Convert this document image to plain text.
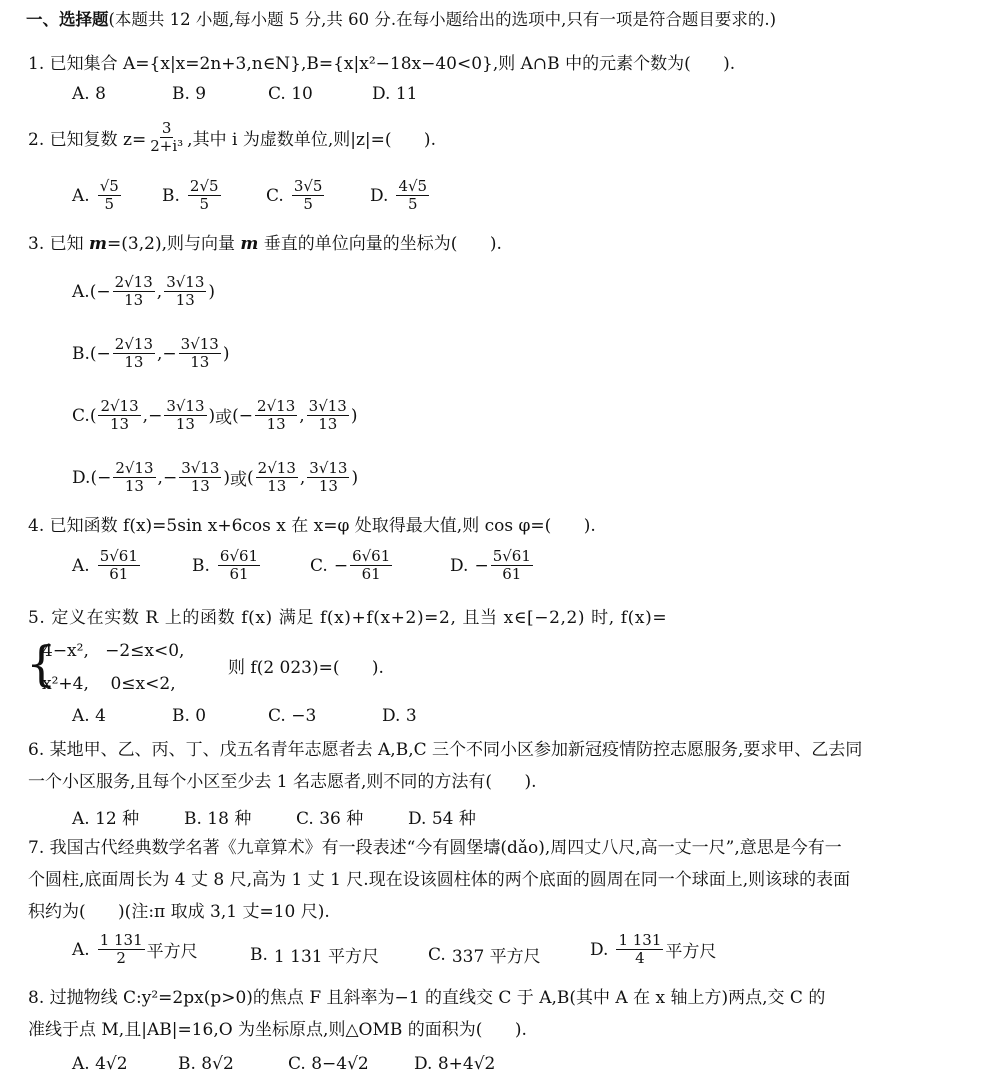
一、选择题(本题共 12 小题,每小题 5 分,共 60 分.在每小题给出的选项中,只有一项是符合题目要求的.)
1. 已知集合 A={x|x=2n+3,n∈N},B={x|x²−18x−40<0},则 A∩B 中的元素个数为(      ).
A. 8	B. 9	C. 10	D. 11
2. 已知复数 $z= \frac{3}{\text{2+i³}}$ ,其中 i 为虚数单位,则|z|=(      ).
A. $\frac{√5}{5} B$. $\frac{2√5}{5}$	C. $\frac{3√5}{5}$	D. $\frac{4√5}{5}$
3. 已知 m=(3,2),则与向量 m 垂直的单位向量的坐标为(      ).
A. ( − $\frac{2√13}{13}$ , $\frac{3√13}{13}$ )
B. ( − $\frac{2√13}{13}$ , − $\frac{3√13}{13}$ )
C. ( $\frac{2√13}{13}$ , − $\frac{3√13}{13}$ ) 或 ( − $\frac{2√13}{13}$ , $\frac{3√13}{13}$ )
D. ( − $\frac{2√13}{13}$ , − $\frac{3√13}{13}$ ) 或 ( $\frac{2√13}{13}$ , $\frac{3√13}{13}$ )
4. 已知函数 f(x)=5sin x+6cos x 在 x=φ 处取得最大值,则 cos φ=(      ).
A. $\frac{5√61}{61}$	B. $\frac{6√61}{61}$	C. − $\frac{6√61}{61}$	D. − $\frac{5√61}{61}$
5. 定义在实数 R 上的函数 f(x) 满足 f(x)+f(x+2)=2, 且当 x∈[−2,2) 时, f(x)=
{
4−x²,   −2≤x<0,
x²+4,    0≤x<2,
则 f(2 023)=(      ).
A. 4	B. 0	C. −3	D. 3
6. 某地甲、乙、丙、丁、戊五名青年志愿者去 A,B,C 三个不同小区参加新冠疫情防控志愿服务,要求甲、乙去同
一个小区服务,且每个小区至少去 1 名志愿者,则不同的方法有(      ).
A. 12 种	B. 18 种	C. 36 种	D. 54 种
7. 我国古代经典数学名著《九章算术》有一段表述“今有圆堡壔(dǎo),周四丈八尺,高一丈一尺”,意思是今有一
个圆柱,底面周长为 4 丈 8 尺,高为 1 丈 1 尺.现在设该圆柱体的两个底面的圆周在同一个球面上,则该球的表面
积约为(      )(注:π 取成 3,1 丈=10 尺).
A. $\frac{1 131}{2}$ 平方尺	B. 1 131 平方尺	C. 337 平方尺	D. $\frac{1 131}{4}$ 平方尺
8. 过抛物线 C:y²=2px(p>0)的焦点 F 且斜率为−1 的直线交 C 于 A,B(其中 A 在 x 轴上方)两点,交 C 的
准线于点 M,且|AB|=16,O 为坐标原点,则△OMB 的面积为(      ).
A. 4√2	B. 8√2	C. 8−4√2	D. 8+4√2
